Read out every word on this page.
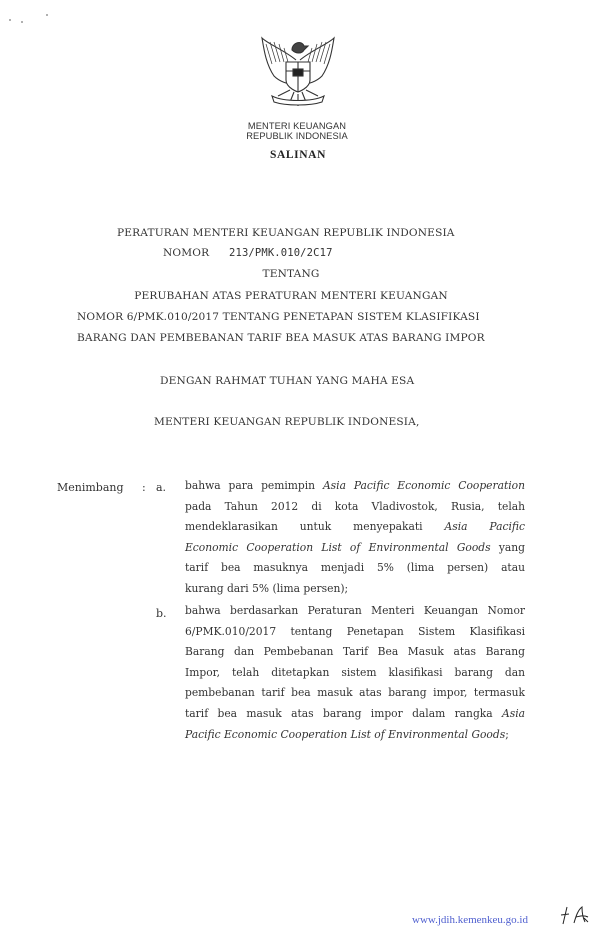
MENTERI KEUANGAN
REPUBLIK INDONESIA
SALINAN
PERATURAN MENTERI KEUANGAN REPUBLIK INDONESIA
NOMOR 213/PMK.010/2C17
TENTANG
PERUBAHAN ATAS PERATURAN MENTERI KEUANGAN
NOMOR 6/PMK.010/2017 TENTANG PENETAPAN SISTEM KLASIFIKASI
BARANG DAN PEMBEBANAN TARIF BEA MASUK ATAS BARANG IMPOR
DENGAN RAHMAT TUHAN YANG MAHA ESA
MENTERI KEUANGAN REPUBLIK INDONESIA,
Menimbang : a. bahwa para pemimpin Asia Pacific Economic Cooperation
pada Tahun 2012 di kota Vladivostok, Rusia, telah
mendeklarasikan untuk menyepakati Asia Pacific
Economic Cooperation List of Environmental Goods yang
tarif bea masuknya menjadi 5% (lima persen) atau
kurang dari 5% (lima persen);
b. bahwa berdasarkan Peraturan Menteri Keuangan Nomor
6/PMK.010/2017 tentang Penetapan Sistem Klasifikasi
Barang dan Pembebanan Tarif Bea Masuk atas Barang
Impor, telah ditetapkan sistem klasifikasi barang dan
pembebanan tarif bea masuk atas barang impor, termasuk
tarif bea masuk atas barang impor dalam rangka Asia
Pacific Economic Cooperation List of Environmental Goods;
www.jdih.kemenkeu.go.id
